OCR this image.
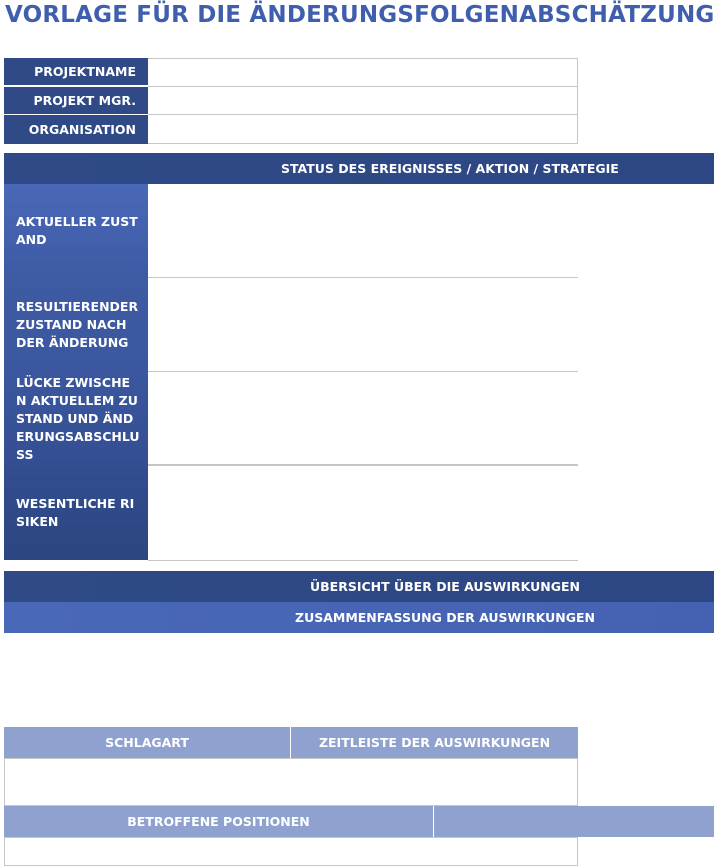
VORLAGE FÜR DIE ÄNDERUNGSFOLGENABSCHÄTZUNG
PROJEKTNAME
PROJEKT MGR.
ORGANISATION
STATUS DES EREIGNISSES / AKTION / STRATEGIE
AKTUELLER ZUSTAND
RESULTIERENDER ZUSTAND NACH DER ÄNDERUNG
LÜCKE ZWISCHEN AKTUELLEM ZUSTAND UND ÄNDERUNGSABSCHLUSS
WESENTLICHE RISIKEN
ÜBERSICHT ÜBER DIE AUSWIRKUNGEN
ZUSAMMENFASSUNG DER AUSWIRKUNGEN
SCHLAGART	ZEITLEISTE DER AUSWIRKUNGEN
BETROFFENE POSITIONEN
